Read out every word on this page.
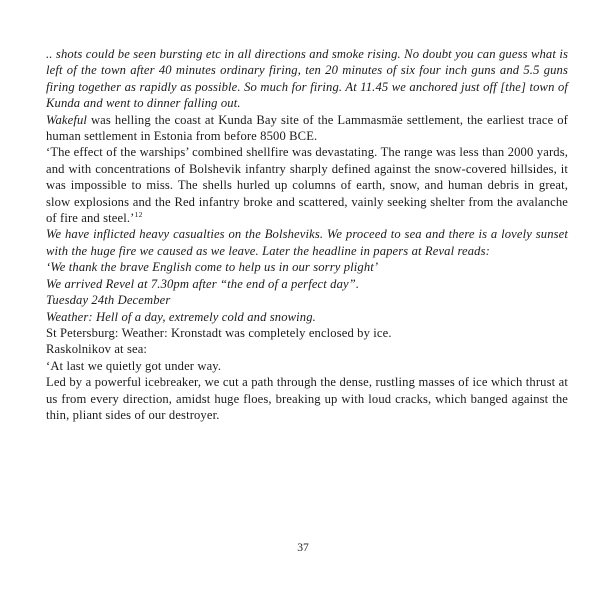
.. shots could be seen bursting etc in all directions and smoke rising. No doubt you can guess what is left of the town after 40 minutes ordinary firing, ten 20 minutes of six four inch guns and 5.5 guns firing together as rapidly as possible. So much for firing. At 11.45 we anchored just off [the] town of Kunda and went to dinner falling out.

Wakeful was helling the coast at Kunda Bay site of the Lammasmäe settlement, the earliest trace of human settlement in Estonia from before 8500 BCE.

‘The effect of the warships’ combined shellfire was devastating. The range was less than 2000 yards, and with concentrations of Bolshevik infantry sharply defined against the snow-covered hillsides, it was impossible to miss. The shells hurled up columns of earth, snow, and human debris in great, slow explosions and the Red infantry broke and scattered, vainly seeking shelter from the avalanche of fire and steel.’$^{12}$

We have inflicted heavy casualties on the Bolsheviks. We proceed to sea and there is a lovely sunset with the huge fire we caused as we leave. Later the headline in papers at Reval reads:

‘We thank the brave English come to help us in our sorry plight’

We arrived Revel at 7.30pm after “the end of a perfect day”.

Tuesday 24th December

Weather: Hell of a day, extremely cold and snowing.

St Petersburg: Weather: Kronstadt was completely enclosed by ice.

Raskolnikov at sea:

‘At last we quietly got under way.

Led by a powerful icebreaker, we cut a path through the dense, rustling masses of ice which thrust at us from every direction, amidst huge floes, breaking up with loud cracks, which banged against the thin, pliant sides of our destroyer.

37
